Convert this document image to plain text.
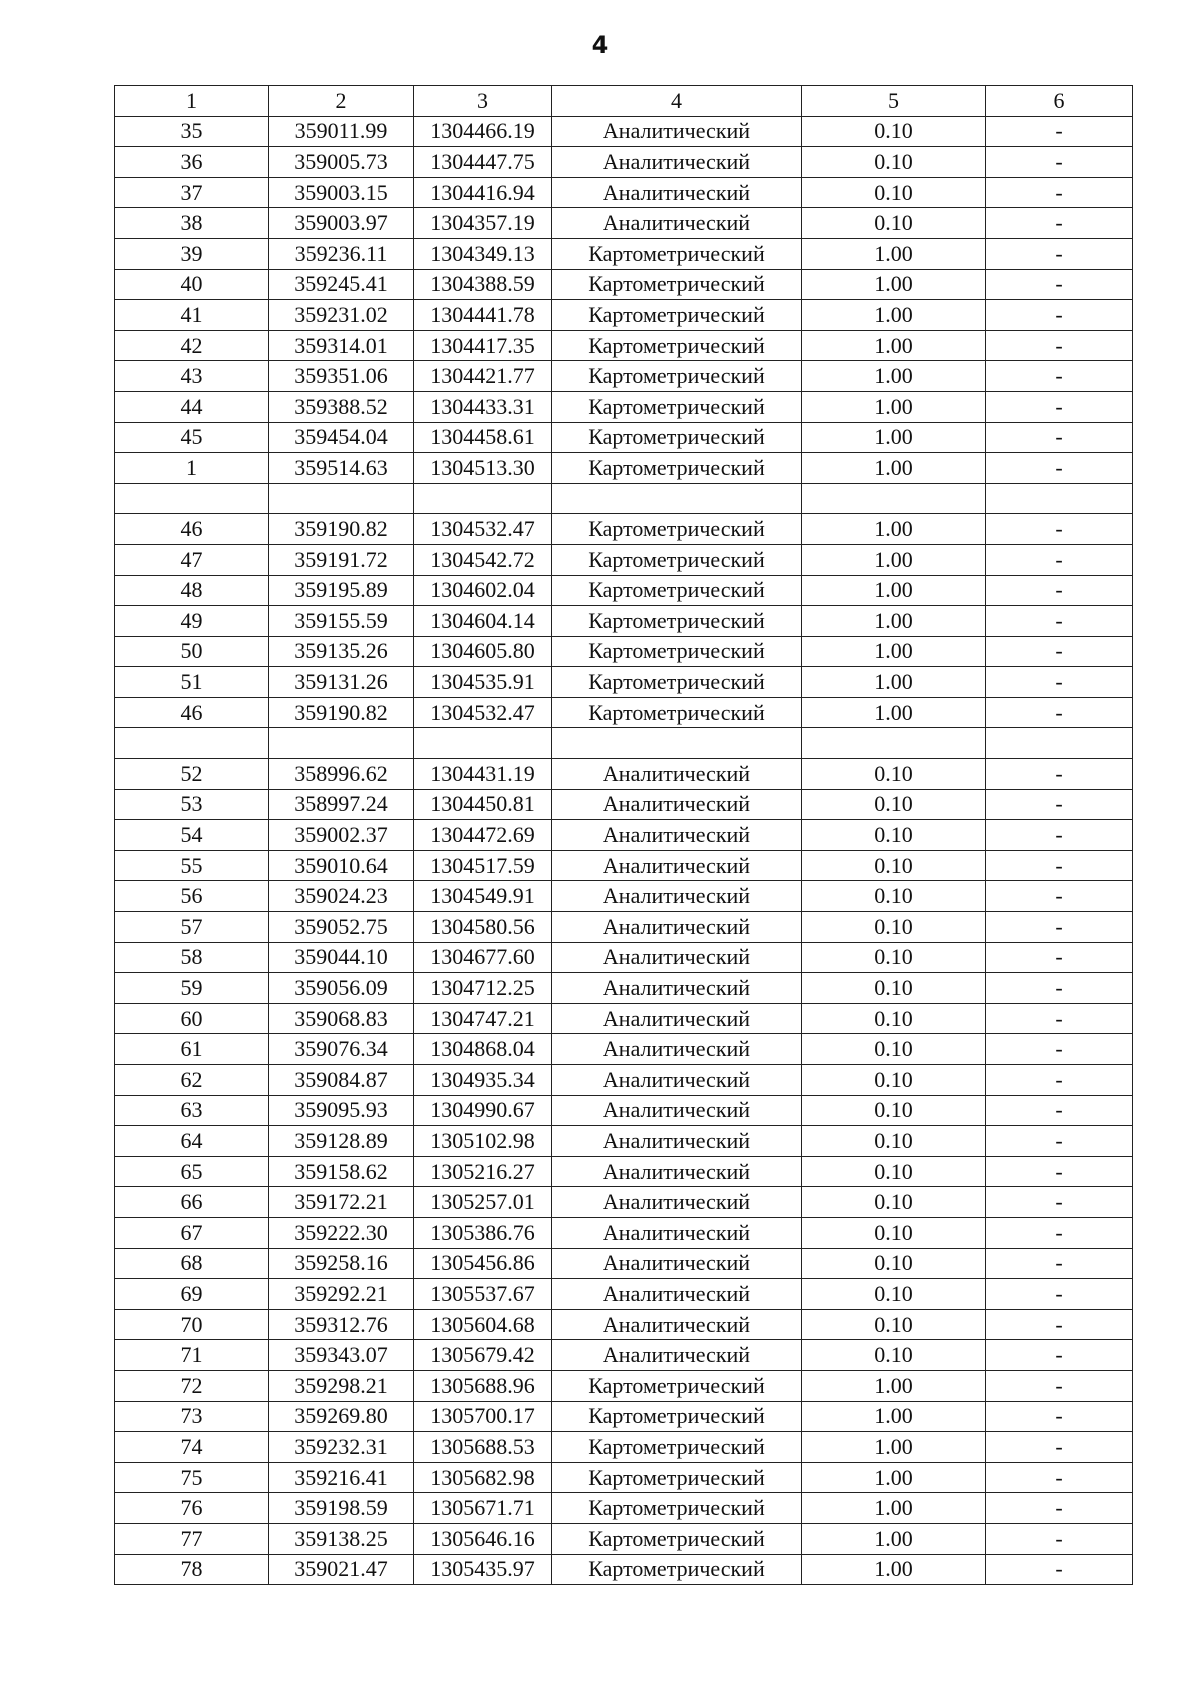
4
1	2	3	4	5	6
35	359011.99	1304466.19	Аналитический	0.10	-
36	359005.73	1304447.75	Аналитический	0.10	-
37	359003.15	1304416.94	Аналитический	0.10	-
38	359003.97	1304357.19	Аналитический	0.10	-
39	359236.11	1304349.13	Картометрический	1.00	-
40	359245.41	1304388.59	Картометрический	1.00	-
41	359231.02	1304441.78	Картометрический	1.00	-
42	359314.01	1304417.35	Картометрический	1.00	-
43	359351.06	1304421.77	Картометрический	1.00	-
44	359388.52	1304433.31	Картометрический	1.00	-
45	359454.04	1304458.61	Картометрический	1.00	-
1	359514.63	1304513.30	Картометрический	1.00	-

46	359190.82	1304532.47	Картометрический	1.00	-
47	359191.72	1304542.72	Картометрический	1.00	-
48	359195.89	1304602.04	Картометрический	1.00	-
49	359155.59	1304604.14	Картометрический	1.00	-
50	359135.26	1304605.80	Картометрический	1.00	-
51	359131.26	1304535.91	Картометрический	1.00	-
46	359190.82	1304532.47	Картометрический	1.00	-

52	358996.62	1304431.19	Аналитический	0.10	-
53	358997.24	1304450.81	Аналитический	0.10	-
54	359002.37	1304472.69	Аналитический	0.10	-
55	359010.64	1304517.59	Аналитический	0.10	-
56	359024.23	1304549.91	Аналитический	0.10	-
57	359052.75	1304580.56	Аналитический	0.10	-
58	359044.10	1304677.60	Аналитический	0.10	-
59	359056.09	1304712.25	Аналитический	0.10	-
60	359068.83	1304747.21	Аналитический	0.10	-
61	359076.34	1304868.04	Аналитический	0.10	-
62	359084.87	1304935.34	Аналитический	0.10	-
63	359095.93	1304990.67	Аналитический	0.10	-
64	359128.89	1305102.98	Аналитический	0.10	-
65	359158.62	1305216.27	Аналитический	0.10	-
66	359172.21	1305257.01	Аналитический	0.10	-
67	359222.30	1305386.76	Аналитический	0.10	-
68	359258.16	1305456.86	Аналитический	0.10	-
69	359292.21	1305537.67	Аналитический	0.10	-
70	359312.76	1305604.68	Аналитический	0.10	-
71	359343.07	1305679.42	Аналитический	0.10	-
72	359298.21	1305688.96	Картометрический	1.00	-
73	359269.80	1305700.17	Картометрический	1.00	-
74	359232.31	1305688.53	Картометрический	1.00	-
75	359216.41	1305682.98	Картометрический	1.00	-
76	359198.59	1305671.71	Картометрический	1.00	-
77	359138.25	1305646.16	Картометрический	1.00	-
78	359021.47	1305435.97	Картометрический	1.00	-
